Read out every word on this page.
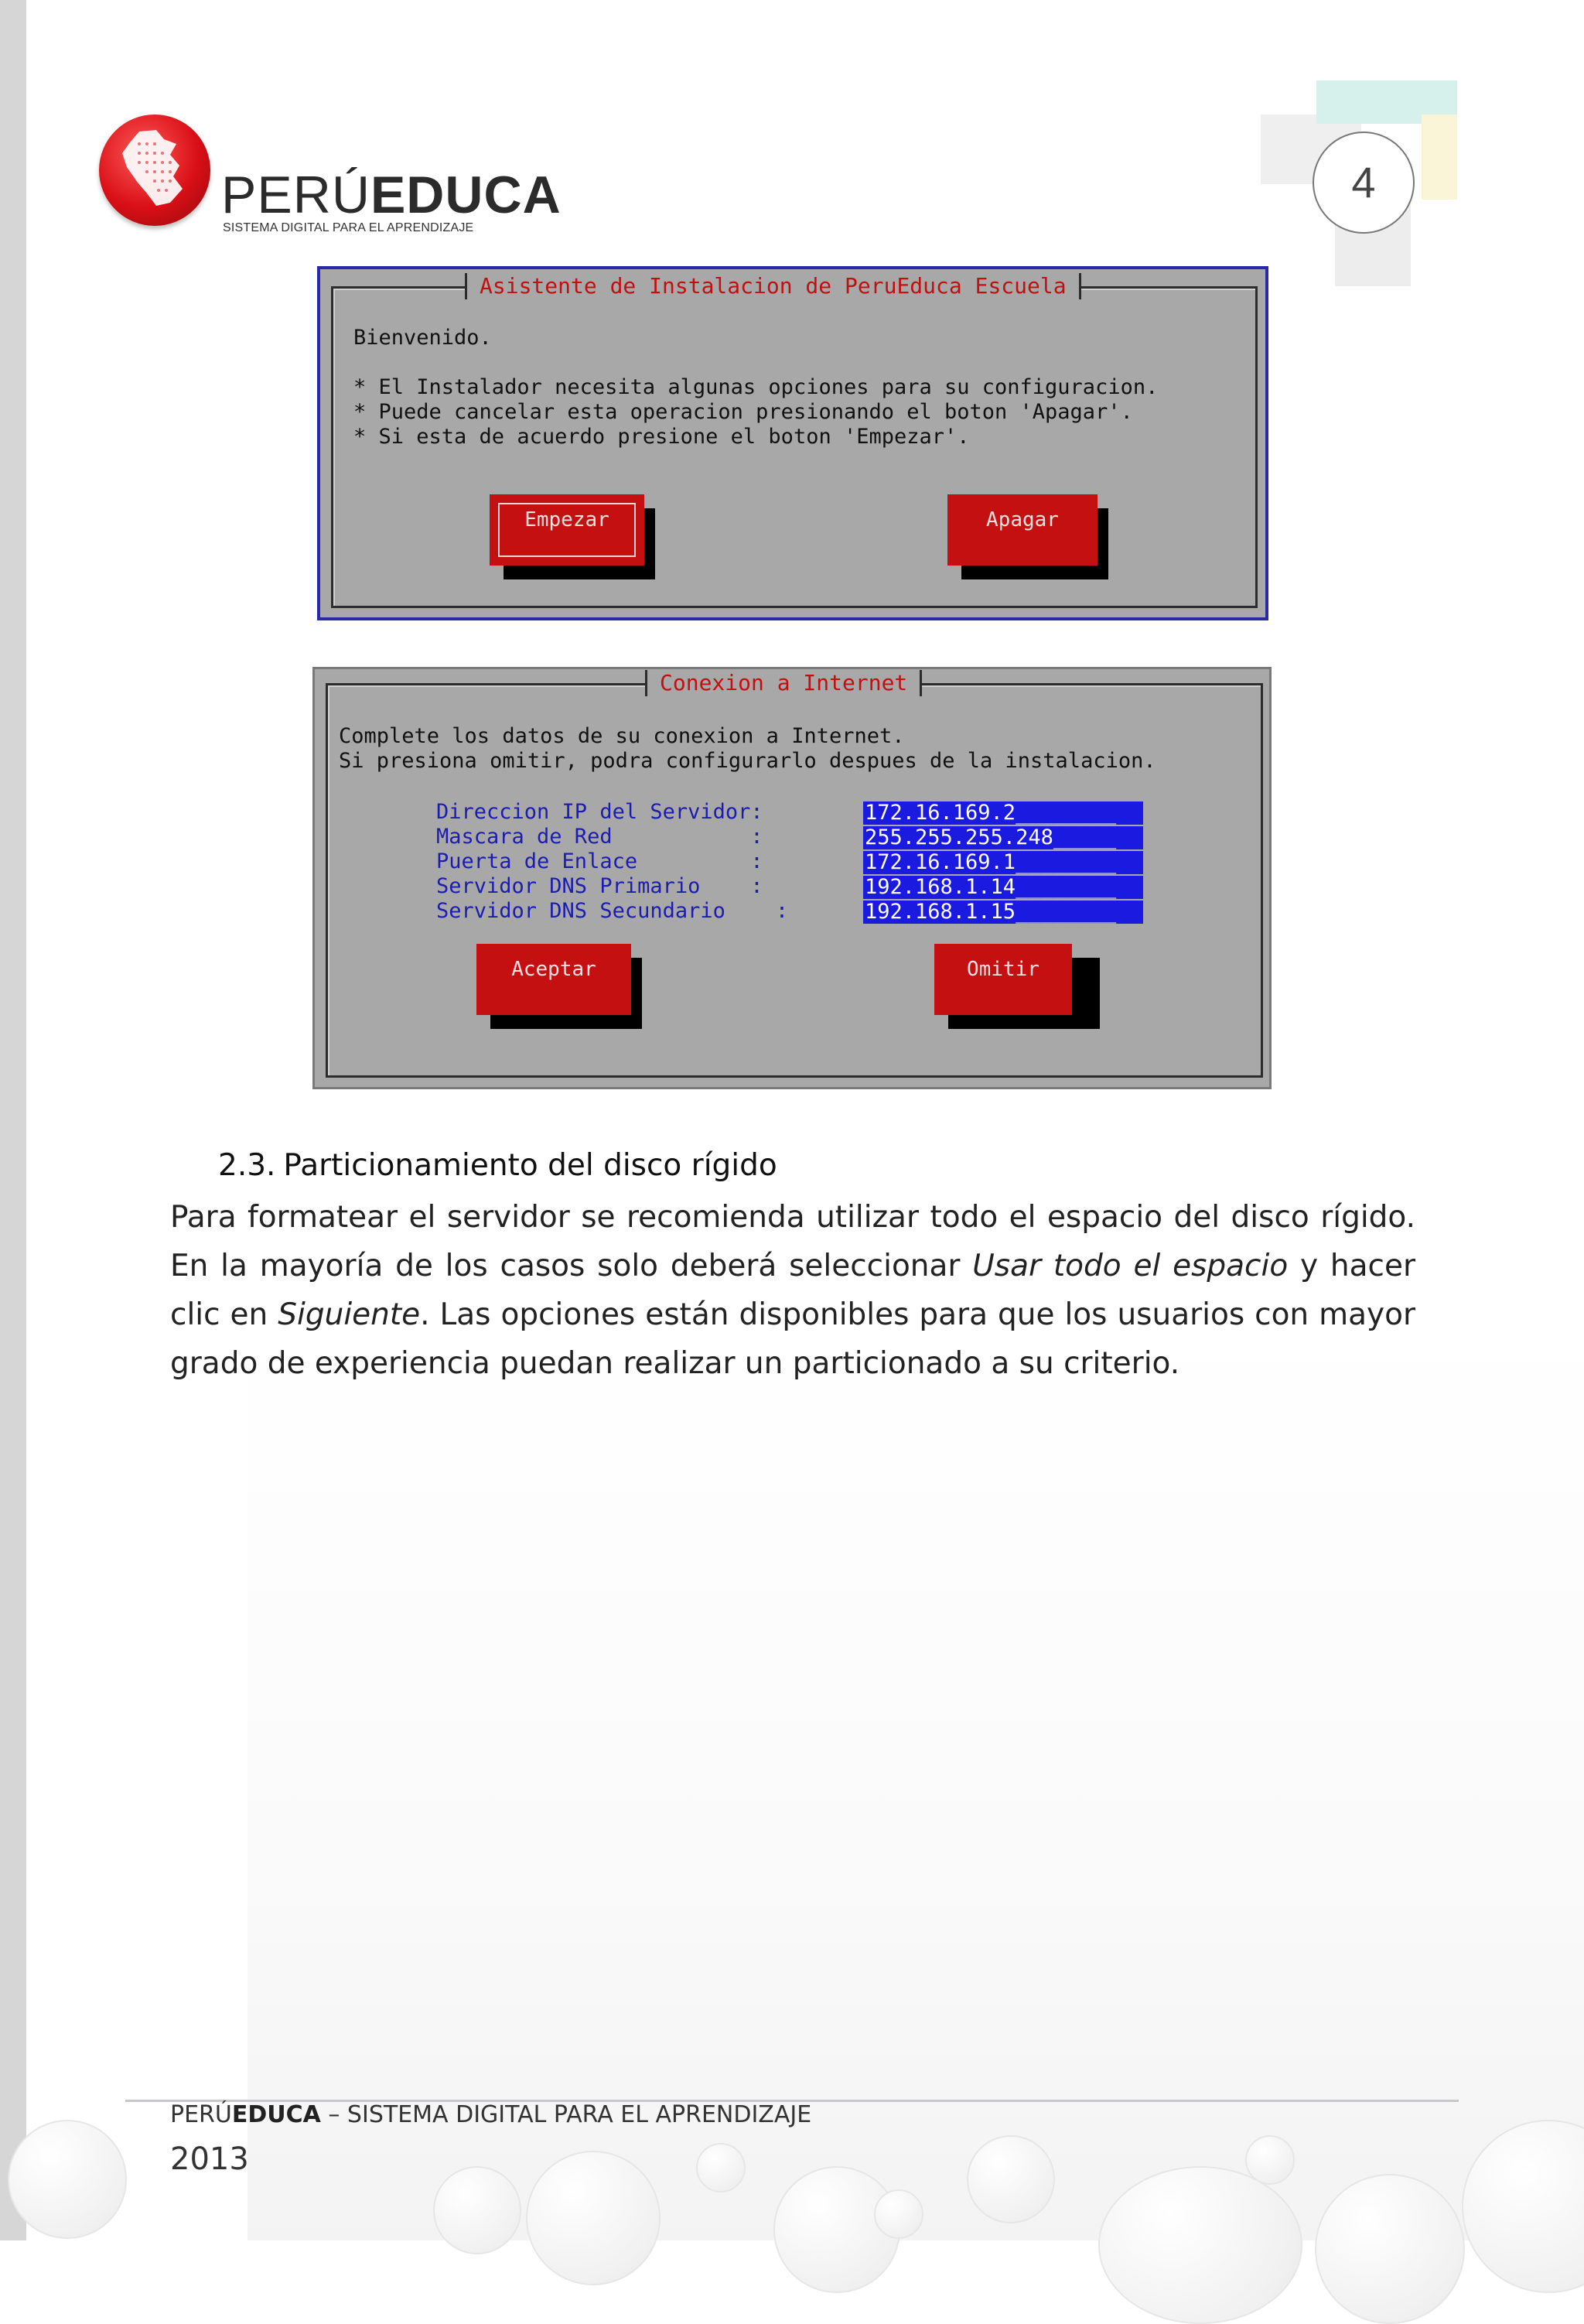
PERÚEDUCA
SISTEMA DIGITAL PARA EL APRENDIZAJE
4
Asistente de Instalacion de PeruEduca Escuela
Bienvenido.
* El Instalador necesita algunas opciones para su configuracion.
* Puede cancelar esta operacion presionando el boton 'Apagar'.
* Si esta de acuerdo presione el boton 'Empezar'.
Empezar	Apagar
Conexion a Internet
Complete los datos de su conexion a Internet.
Si presiona omitir, podra configurarlo despues de la instalacion.
Direccion IP del Servidor:	172.16.169.2________
Mascara de Red           :	255.255.255.248_____
Puerta de Enlace         :	172.16.169.1________
Servidor DNS Primario    :	192.168.1.14________
Servidor DNS Secundario    :	192.168.1.15________
Aceptar	Omitir
2.3. Particionamiento del disco rígido
Para formatear el servidor se recomienda utilizar todo el espacio del disco rígido. En la mayoría de los casos solo deberá seleccionar Usar todo el espacio y hacer clic en Siguiente. Las opciones están disponibles para que los usuarios con mayor grado de experiencia puedan realizar un particionado a su criterio.
PERÚEDUCA – SISTEMA DIGITAL PARA EL APRENDIZAJE
2013
